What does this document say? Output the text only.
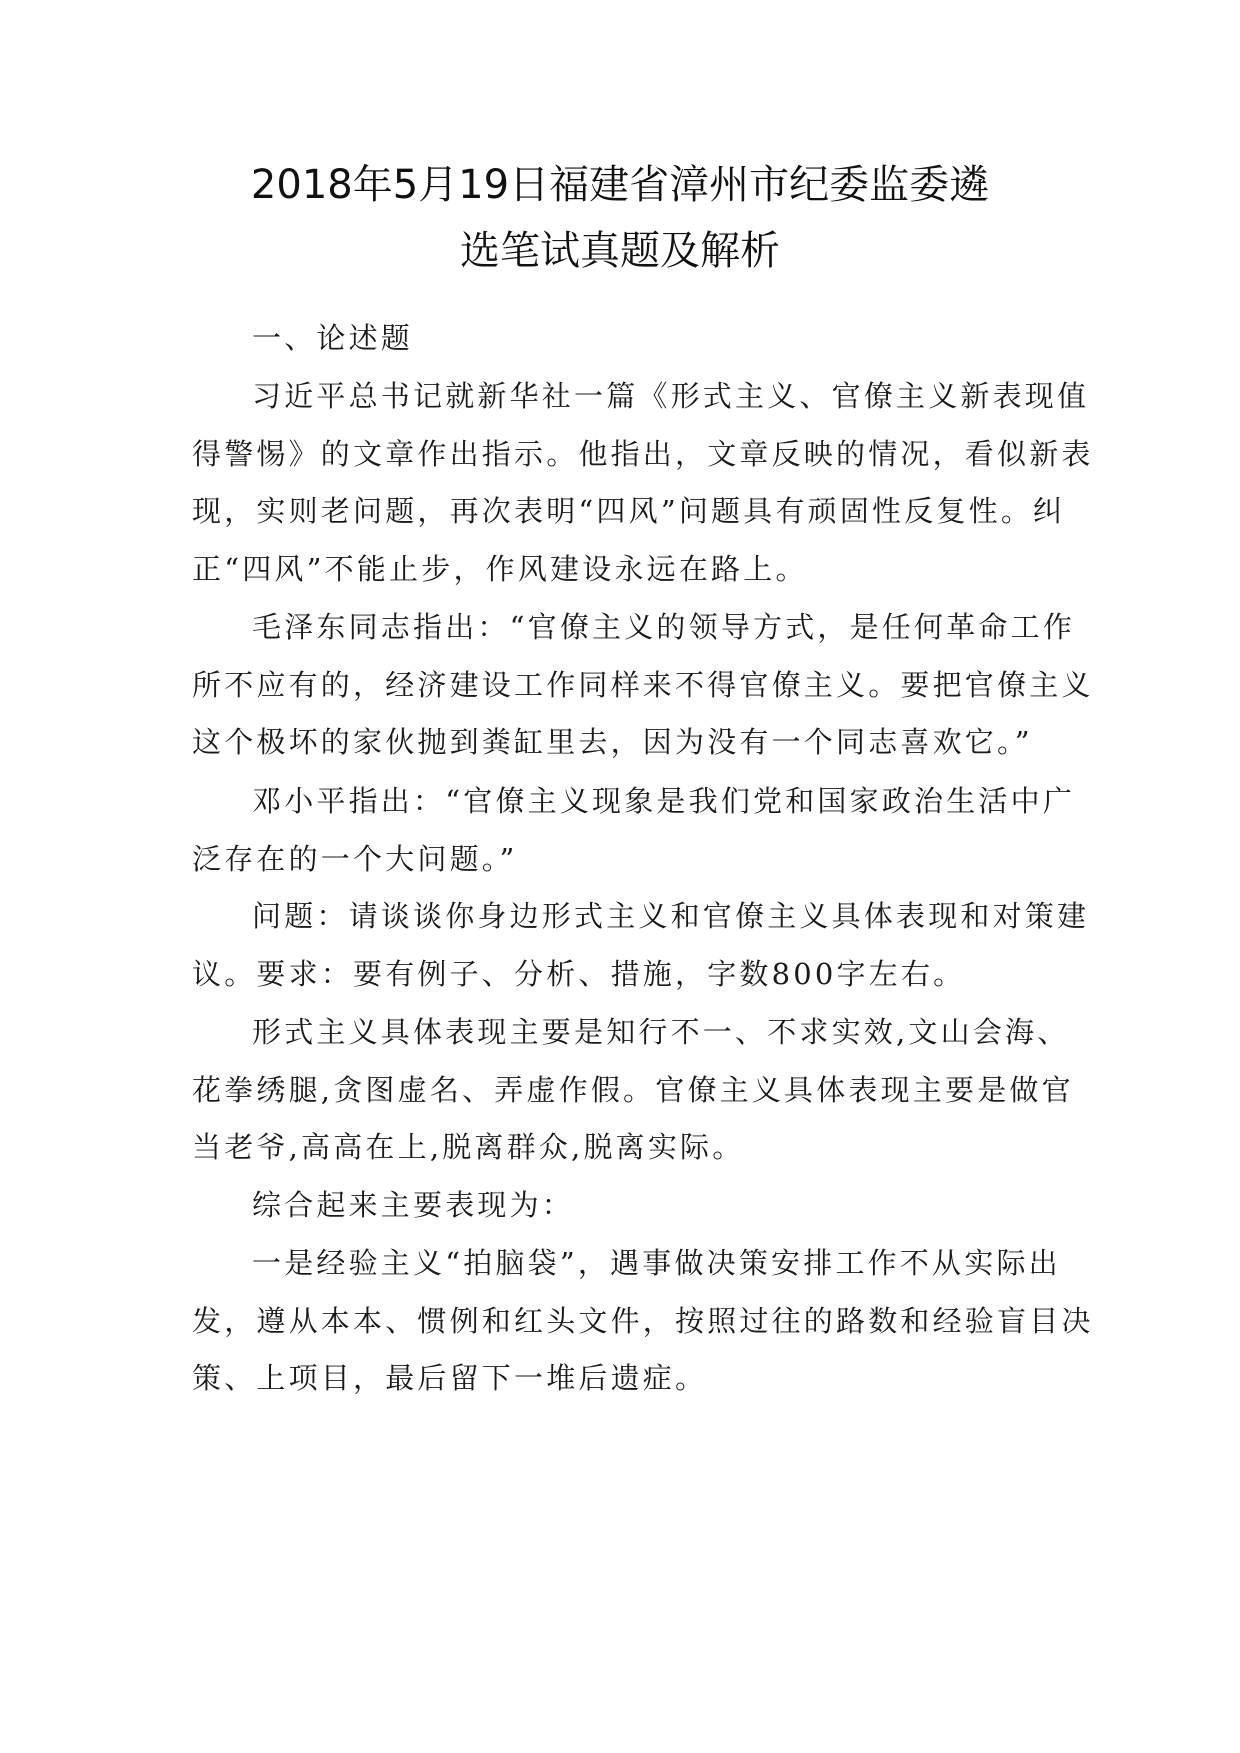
2018年5月19日福建省漳州市纪委监委遴
选笔试真题及解析
一、论述题
习近平总书记就新华社一篇《形式主义、官僚主义新表现值
得警惕》的文章作出指示。他指出，文章反映的情况，看似新表
现，实则老问题，再次表明“四风”问题具有顽固性反复性。纠
正“四风”不能止步，作风建设永远在路上。
毛泽东同志指出：“官僚主义的领导方式，是任何革命工作
所不应有的，经济建设工作同样来不得官僚主义。要把官僚主义
这个极坏的家伙抛到粪缸里去，因为没有一个同志喜欢它。”
邓小平指出：“官僚主义现象是我们党和国家政治生活中广
泛存在的一个大问题。”
问题：请谈谈你身边形式主义和官僚主义具体表现和对策建
议。要求：要有例子、分析、措施，字数800字左右。
形式主义具体表现主要是知行不一、不求实效,文山会海、
花拳绣腿,贪图虚名、弄虚作假。官僚主义具体表现主要是做官
当老爷,高高在上,脱离群众,脱离实际。
综合起来主要表现为：
一是经验主义“拍脑袋”，遇事做决策安排工作不从实际出
发，遵从本本、惯例和红头文件，按照过往的路数和经验盲目决
策、上项目，最后留下一堆后遗症。
